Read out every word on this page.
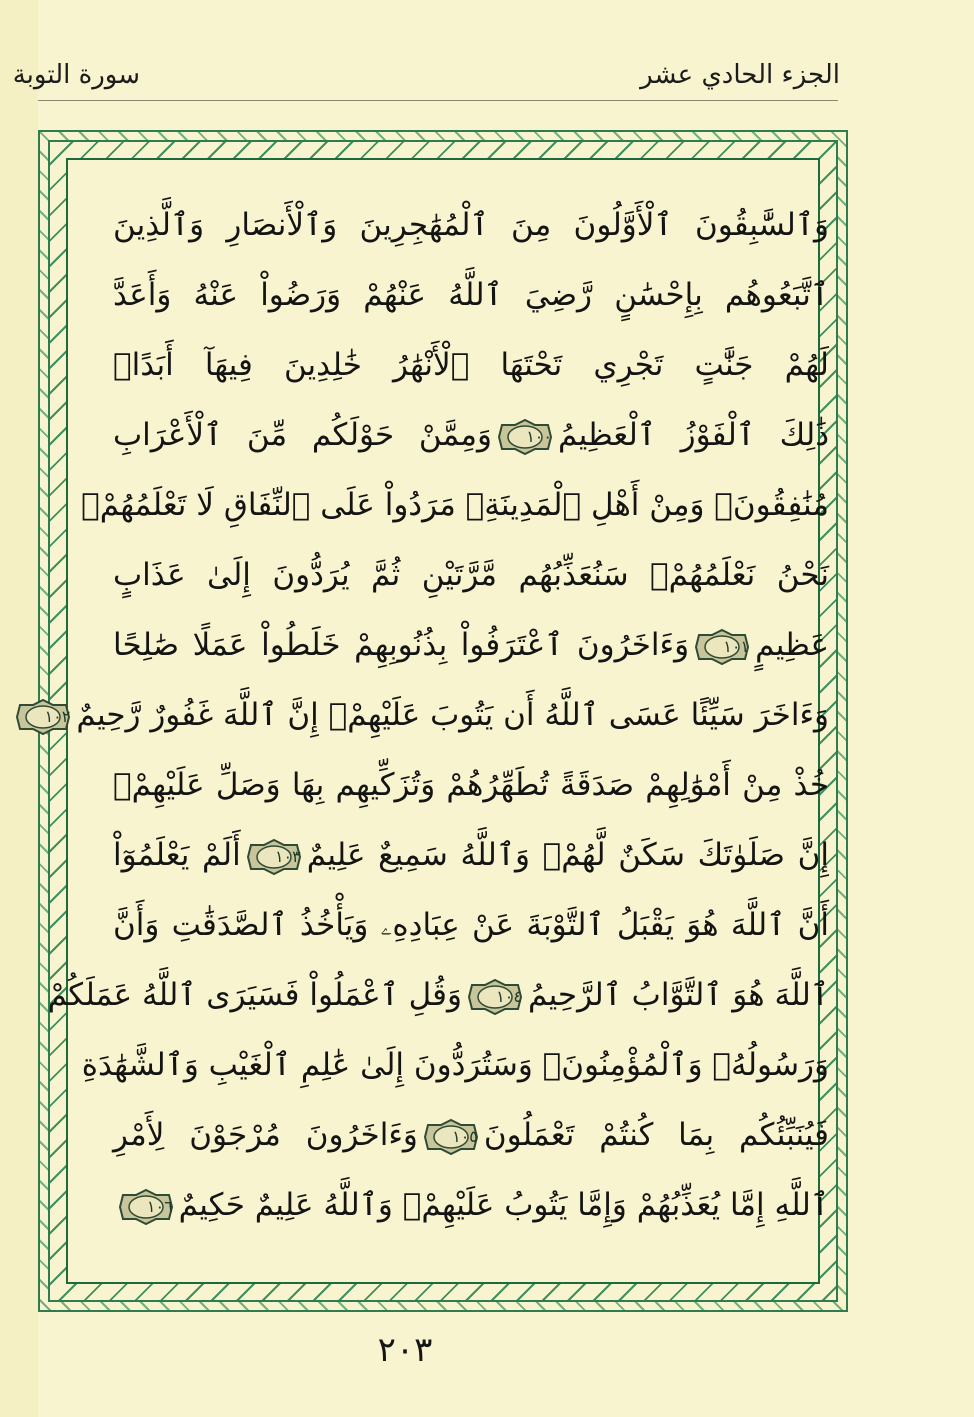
الجزء الحادي عشر
سورة التوبة
وَٱلسَّٰبِقُونَ ٱلْأَوَّلُونَ مِنَ ٱلْمُهَٰجِرِينَ وَٱلْأَنصَارِ وَٱلَّذِينَ
ٱتَّبَعُوهُم بِإِحْسَٰنٍ رَّضِيَ ٱللَّهُ عَنْهُمْ وَرَضُواْ عَنْهُ وَأَعَدَّ
لَهُمْ جَنَّٰتٍ تَجْرِي تَحْتَهَا ٱلْأَنْهَٰرُ خَٰلِدِينَ فِيهَآ أَبَدًاۚ
ذَٰلِكَ ٱلْفَوْزُ ٱلْعَظِيمُ
١٠٠
وَمِمَّنْ حَوْلَكُم مِّنَ ٱلْأَعْرَابِ
مُنَٰفِقُونَۖ وَمِنْ أَهْلِ ٱلْمَدِينَةِۖ مَرَدُواْ عَلَى ٱلنِّفَاقِ لَا تَعْلَمُهُمْۖ
نَحْنُ نَعْلَمُهُمْۚ سَنُعَذِّبُهُم مَّرَّتَيْنِ ثُمَّ يُرَدُّونَ إِلَىٰ عَذَابٍ
عَظِيمٍ
١٠١
وَءَاخَرُونَ ٱعْتَرَفُواْ بِذُنُوبِهِمْ خَلَطُواْ عَمَلًا صَٰلِحًا
وَءَاخَرَ سَيِّئًا عَسَى ٱللَّهُ أَن يَتُوبَ عَلَيْهِمْۚ إِنَّ ٱللَّهَ غَفُورٌ رَّحِيمٌ
١٠٢
خُذْ مِنْ أَمْوَٰلِهِمْ صَدَقَةً تُطَهِّرُهُمْ وَتُزَكِّيهِم بِهَا وَصَلِّ عَلَيْهِمْۖ
إِنَّ صَلَوٰتَكَ سَكَنٌ لَّهُمْۗ وَٱللَّهُ سَمِيعٌ عَلِيمٌ
١٠٣
أَلَمْ يَعْلَمُوٓاْ
أَنَّ ٱللَّهَ هُوَ يَقْبَلُ ٱلتَّوْبَةَ عَنْ عِبَادِهِۦ وَيَأْخُذُ ٱلصَّدَقَٰتِ وَأَنَّ
ٱللَّهَ هُوَ ٱلتَّوَّابُ ٱلرَّحِيمُ
١٠٤
وَقُلِ ٱعْمَلُواْ فَسَيَرَى ٱللَّهُ عَمَلَكُمْ
وَرَسُولُهُۥ وَٱلْمُؤْمِنُونَۖ وَسَتُرَدُّونَ إِلَىٰ عَٰلِمِ ٱلْغَيْبِ وَٱلشَّهَٰدَةِ
فَيُنَبِّئُكُم بِمَا كُنتُمْ تَعْمَلُونَ
١٠٥
وَءَاخَرُونَ مُرْجَوْنَ لِأَمْرِ
ٱللَّهِ إِمَّا يُعَذِّبُهُمْ وَإِمَّا يَتُوبُ عَلَيْهِمْۗ وَٱللَّهُ عَلِيمٌ حَكِيمٌ
١٠٦
٢٠٣
